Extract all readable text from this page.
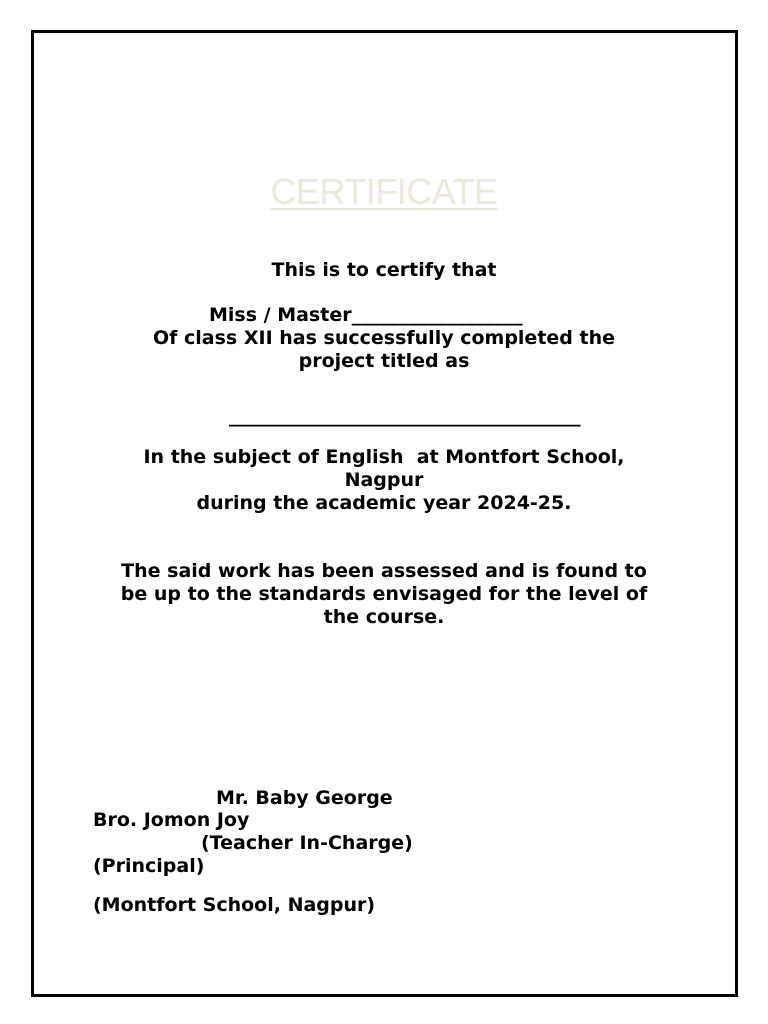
CERTIFICATE
This is to certify that
Miss / Master__________________
Of class XII has successfully completed the
project titled as
_____________________________________
In the subject of English  at Montfort School,
Nagpur
during the academic year 2024-25.
The said work has been assessed and is found to
be up to the standards envisaged for the level of
the course.
Mr. Baby George
Bro. Jomon Joy
(Teacher In-Charge)
(Principal)
(Montfort School, Nagpur)
